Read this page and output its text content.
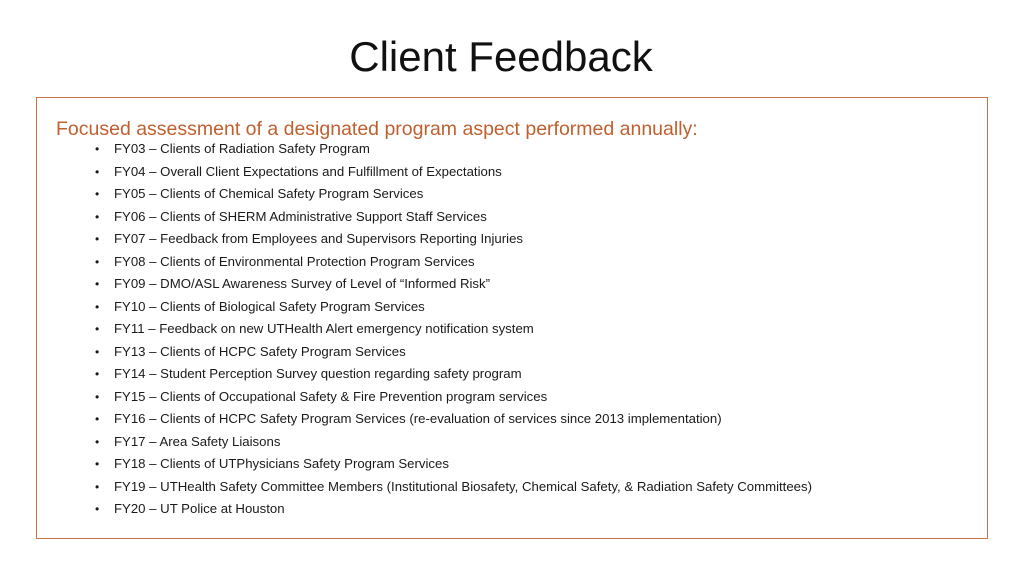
Client Feedback
Focused assessment of a designated program aspect performed annually:
• FY03 – Clients of Radiation Safety Program
• FY04 – Overall Client Expectations and Fulfillment of Expectations
• FY05 – Clients of Chemical Safety Program Services
• FY06 – Clients of SHERM Administrative Support Staff Services
• FY07 – Feedback from Employees and Supervisors Reporting Injuries
• FY08 – Clients of Environmental Protection Program Services
• FY09 – DMO/ASL Awareness Survey of Level of “Informed Risk”
• FY10 – Clients of Biological Safety Program Services
• FY11 – Feedback on new UTHealth Alert emergency notification system
• FY13 – Clients of HCPC Safety Program Services
• FY14 – Student Perception Survey question regarding safety program
• FY15 – Clients of Occupational Safety & Fire Prevention program services
• FY16 – Clients of HCPC Safety Program Services (re-evaluation of services since 2013 implementation)
• FY17 – Area Safety Liaisons
• FY18 – Clients of UTPhysicians Safety Program Services
• FY19 – UTHealth Safety Committee Members (Institutional Biosafety, Chemical Safety, & Radiation Safety Committees)
• FY20 – UT Police at Houston
